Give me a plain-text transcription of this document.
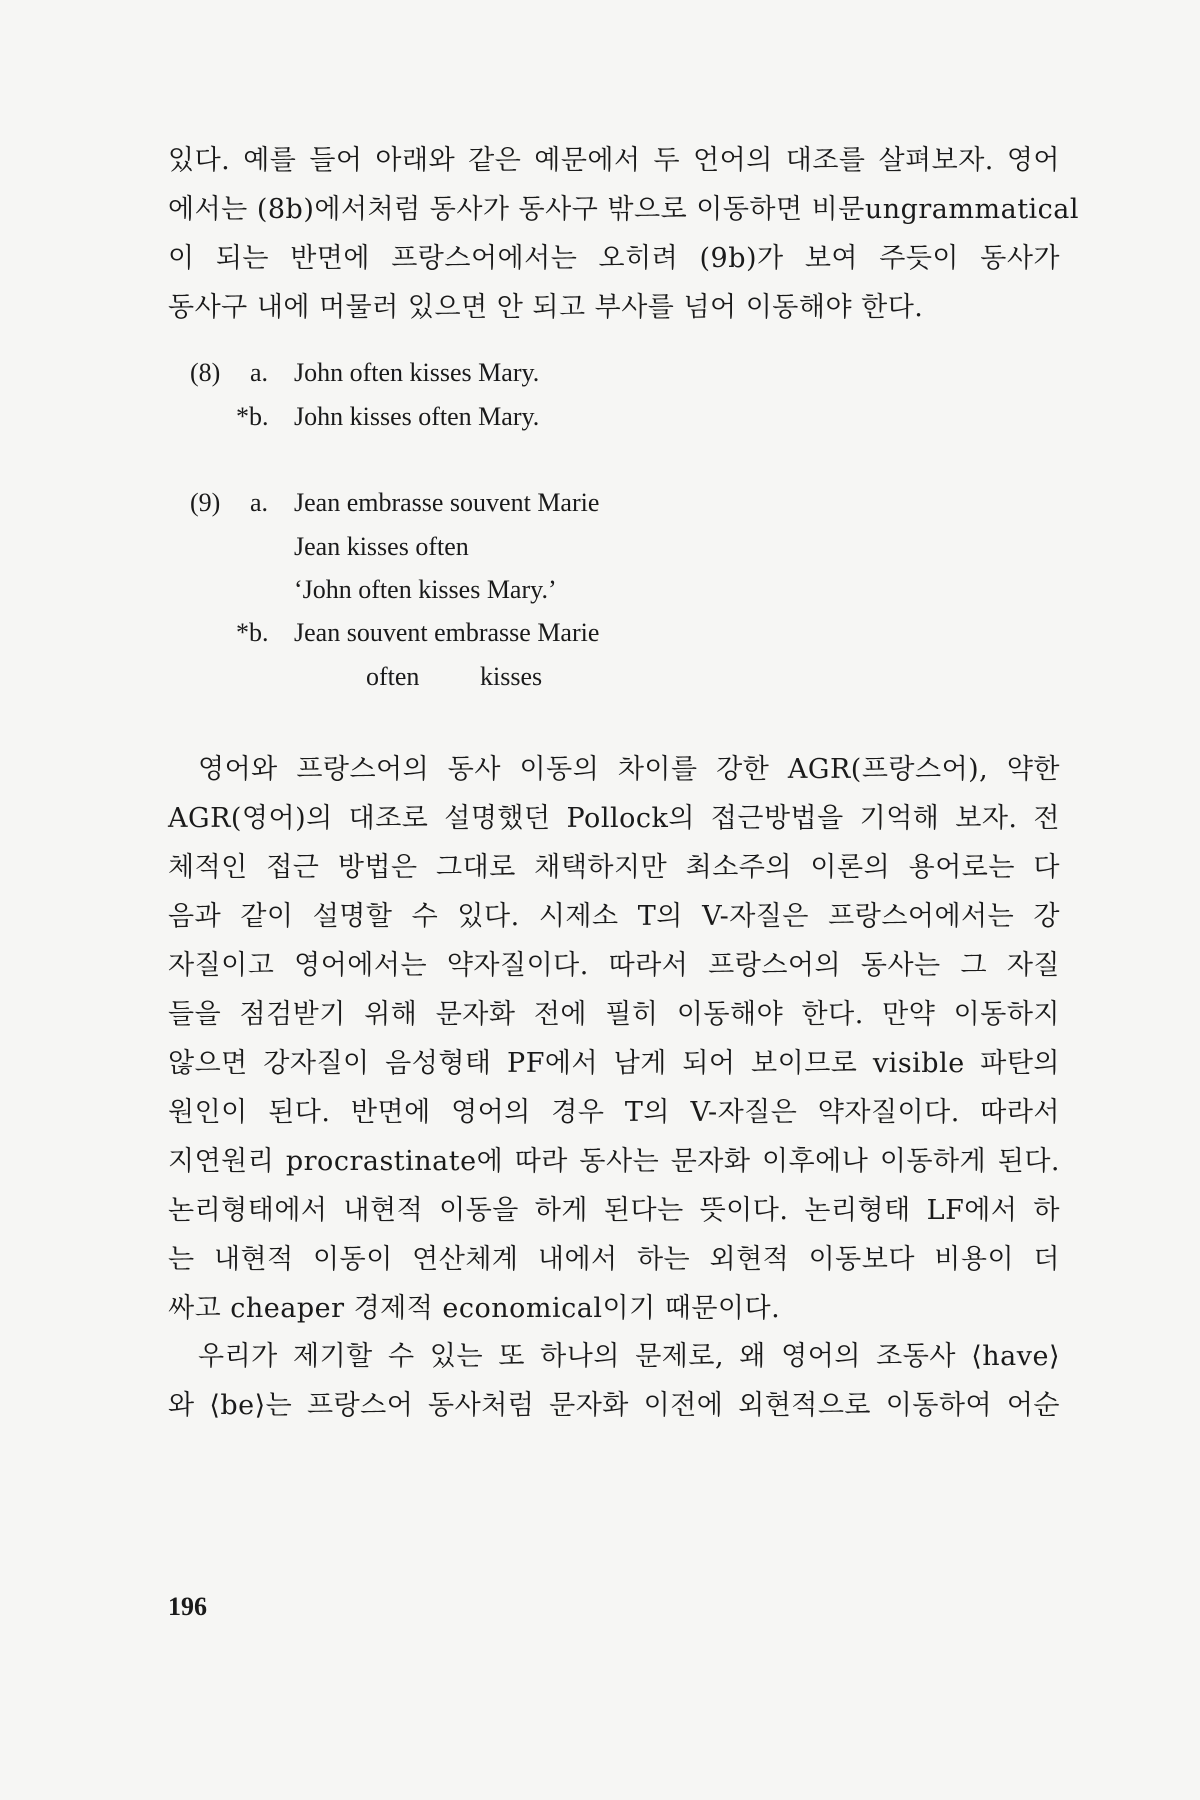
있다. 예를 들어 아래와 같은 예문에서 두 언어의 대조를 살펴보자. 영어
에서는 (8b)에서처럼 동사가 동사구 밖으로 이동하면 비문ungrammatical
이 되는 반면에 프랑스어에서는 오히려 (9b)가 보여 주듯이 동사가
동사구 내에 머물러 있으면 안 되고 부사를 넘어 이동해야 한다.
(8) a. John often kisses Mary.
*b. John kisses often Mary.
(9) a. Jean embrasse souvent Marie
Jean kisses often
‘John often kisses Mary.’
*b. Jean souvent embrasse Marie
often kisses
영어와 프랑스어의 동사 이동의 차이를 강한 AGR(프랑스어), 약한
AGR(영어)의 대조로 설명했던 Pollock의 접근방법을 기억해 보자. 전
체적인 접근 방법은 그대로 채택하지만 최소주의 이론의 용어로는 다
음과 같이 설명할 수 있다. 시제소 T의 V-자질은 프랑스어에서는 강
자질이고 영어에서는 약자질이다. 따라서 프랑스어의 동사는 그 자질
들을 점검받기 위해 문자화 전에 필히 이동해야 한다. 만약 이동하지
않으면 강자질이 음성형태 PF에서 남게 되어 보이므로 visible 파탄의
원인이 된다. 반면에 영어의 경우 T의 V-자질은 약자질이다. 따라서
지연원리 procrastinate에 따라 동사는 문자화 이후에나 이동하게 된다.
논리형태에서 내현적 이동을 하게 된다는 뜻이다. 논리형태 LF에서 하
는 내현적 이동이 연산체계 내에서 하는 외현적 이동보다 비용이 더
싸고 cheaper 경제적 economical이기 때문이다.
우리가 제기할 수 있는 또 하나의 문제로, 왜 영어의 조동사 ⟨have⟩
와 ⟨be⟩는 프랑스어 동사처럼 문자화 이전에 외현적으로 이동하여 어순
196
